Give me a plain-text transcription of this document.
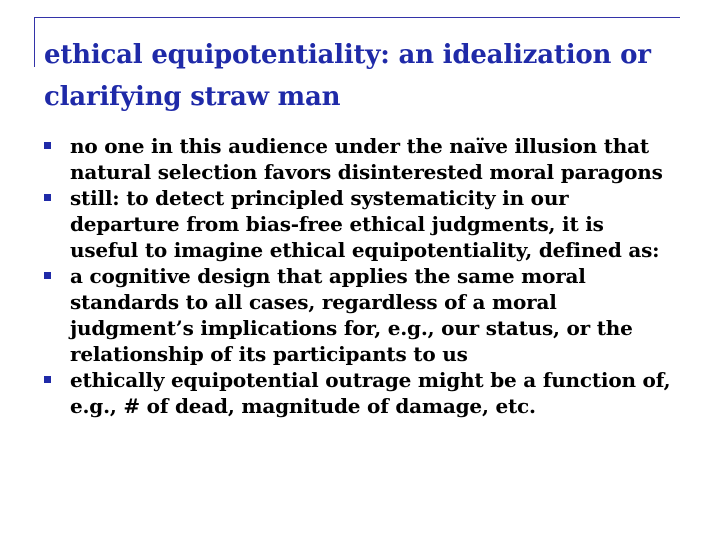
ethical equipotentiality: an idealization or clarifying straw man
no one in this audience under the naïve illusion that natural selection favors disinterested moral paragons
still: to detect principled systematicity in our departure from bias-free ethical judgments, it is useful to imagine ethical equipotentiality, defined as:
a cognitive design that applies the same moral standards to all cases, regardless of a moral judgment’s implications for, e.g., our status, or the relationship of its participants to us
ethically equipotential outrage might be a function of, e.g., # of dead, magnitude of damage, etc.
